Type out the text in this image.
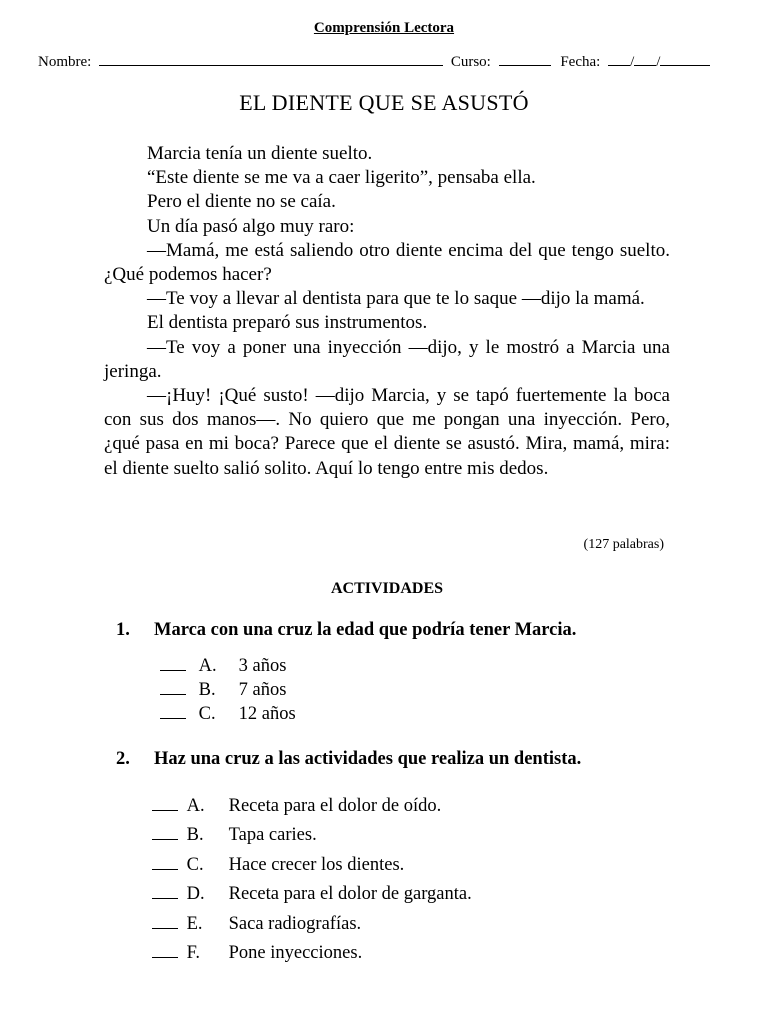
Comprensión Lectora
Nombre:	Curso:	Fecha: / /
EL DIENTE QUE SE ASUSTÓ

Marcia tenía un diente suelto.

“Este diente se me va a caer ligerito”, pensaba ella.

Pero el diente no se caía.

Un día pasó algo muy raro:

—Mamá, me está saliendo otro diente encima del que tengo suelto. ¿Qué podemos hacer?

—Te voy a llevar al dentista para que te lo saque —dijo la mamá.

El dentista preparó sus instrumentos.

—Te voy a poner una inyección —dijo, y le mostró a Marcia una jeringa.

—¡Huy! ¡Qué susto! —dijo Marcia, y se tapó fuertemente la boca con sus dos manos—. No quiero que me pongan una inyección. Pero, ¿qué pasa en mi boca? Parece que el diente se asustó. Mira, mamá, mira: el diente suelto salió solito. Aquí lo tengo entre mis dedos.

(127 palabras)
ACTIVIDADES
1. Marca con una cruz la edad que podría tener Marcia.
A. 3 años
B. 7 años
C. 12 años
2. Haz una cruz a las actividades que realiza un dentista.
A. Receta para el dolor de oído.
B. Tapa caries.
C. Hace crecer los dientes.
D. Receta para el dolor de garganta.
E. Saca radiografías.
F. Pone inyecciones.
